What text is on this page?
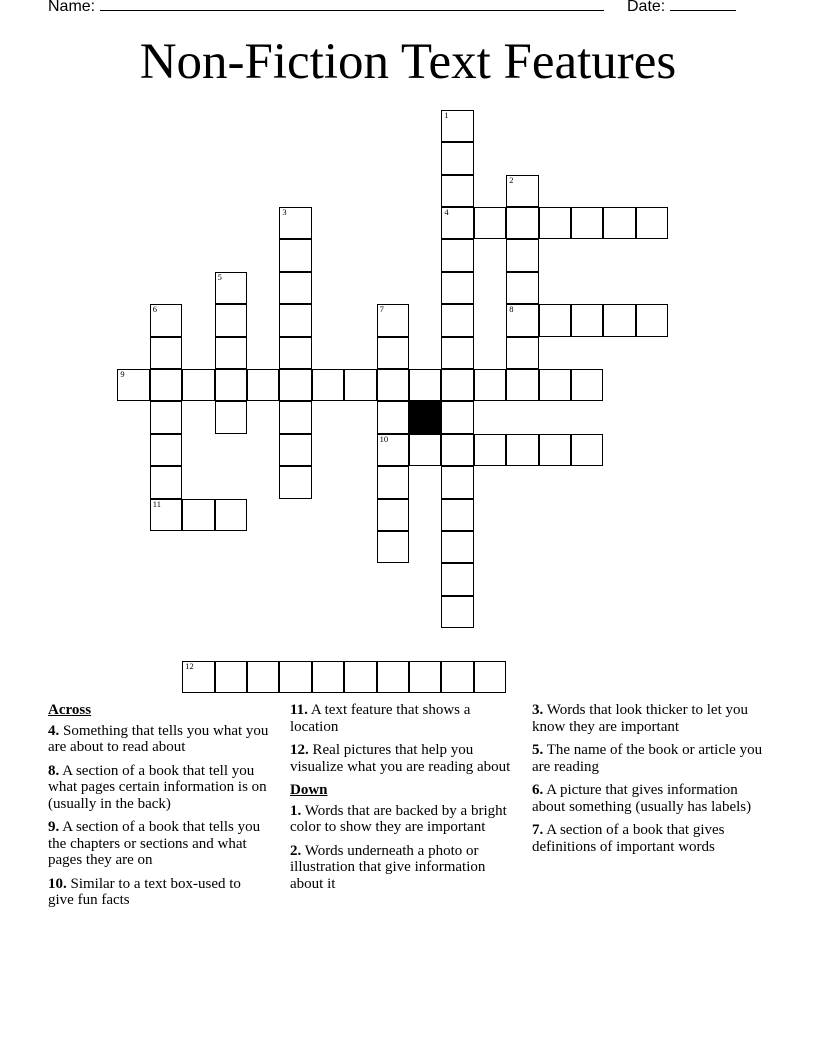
Name:	Date:
Non-Fiction Text Features
1
4
2
8
3
5
6
11
7
10
9
12
Across
4. Something that tells you what you are about to read about
8. A section of a book that tell you what pages certain information is on (usually in the back)
9. A section of a book that tells you the chapters or sections and what pages they are on
10. Similar to a text box-used to give fun facts
11. A text feature that shows a location
12. Real pictures that help you visualize what you are reading about
Down
1. Words that are backed by a bright color to show they are important
2. Words underneath a photo or illustration that give information about it
3. Words that look thicker to let you know they are important
5. The name of the book or article you are reading
6. A picture that gives information about something (usually has labels)
7. A section of a book that gives definitions of important words
